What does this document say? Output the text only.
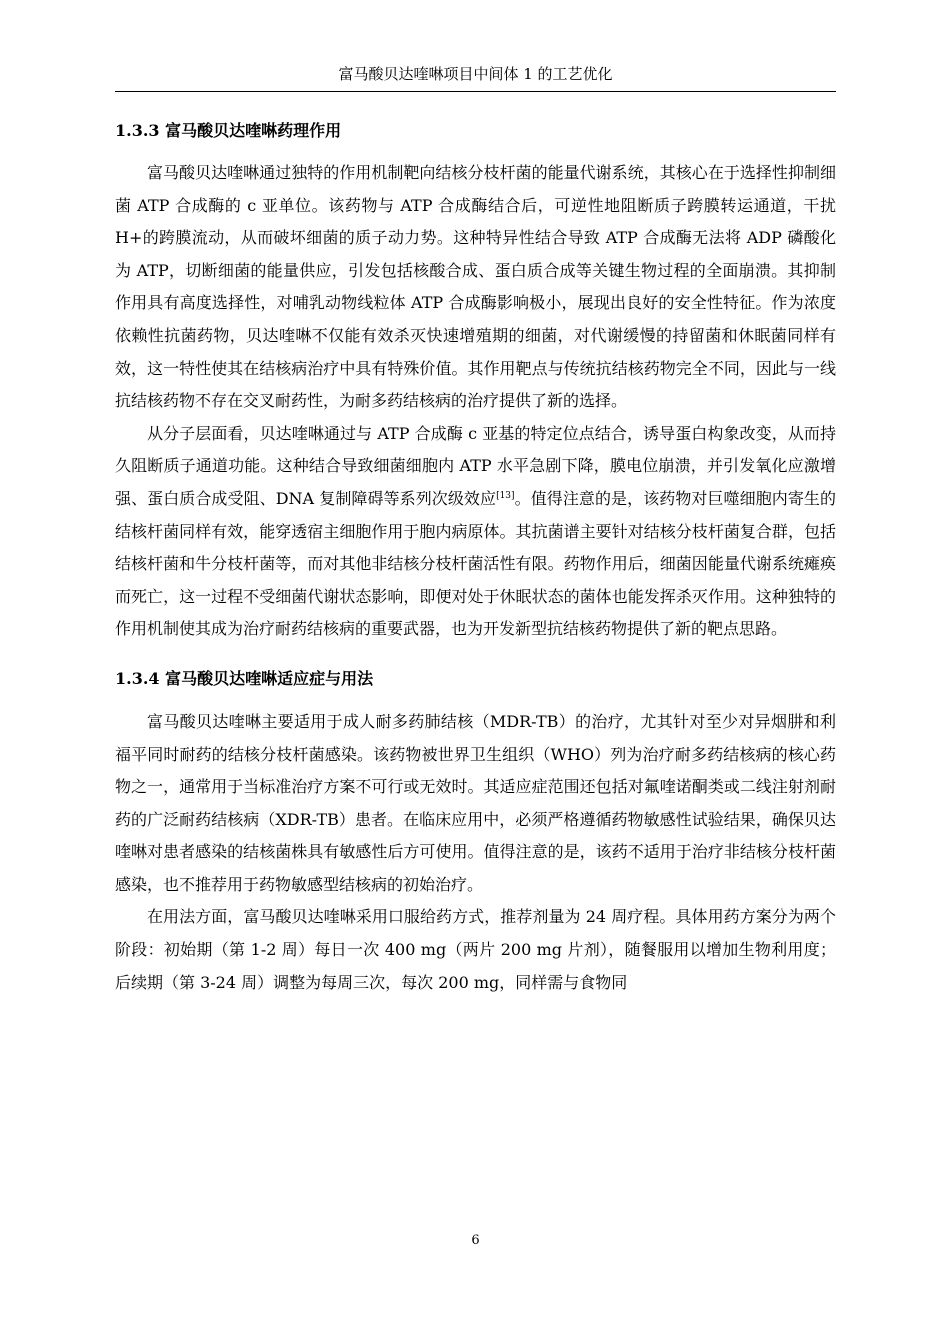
富马酸贝达喹啉项目中间体 1 的工艺优化
1.3.3 富马酸贝达喹啉药理作用

富马酸贝达喹啉通过独特的作用机制靶向结核分枝杆菌的能量代谢系统，其核心在于选择性抑制细菌 ATP 合成酶的 c 亚单位。该药物与 ATP 合成酶结合后，可逆性地阻断质子跨膜转运通道，干扰 H+的跨膜流动，从而破坏细菌的质子动力势。这种特异性结合导致 ATP 合成酶无法将 ADP 磷酸化为 ATP，切断细菌的能量供应，引发包括核酸合成、蛋白质合成等关键生物过程的全面崩溃。其抑制作用具有高度选择性，对哺乳动物线粒体 ATP 合成酶影响极小，展现出良好的安全性特征。作为浓度依赖性抗菌药物，贝达喹啉不仅能有效杀灭快速增殖期的细菌，对代谢缓慢的持留菌和休眠菌同样有效，这一特性使其在结核病治疗中具有特殊价值。其作用靶点与传统抗结核药物完全不同，因此与一线抗结核药物不存在交叉耐药性，为耐多药结核病的治疗提供了新的选择。

从分子层面看，贝达喹啉通过与 ATP 合成酶 c 亚基的特定位点结合，诱导蛋白构象改变，从而持久阻断质子通道功能。这种结合导致细菌细胞内 ATP 水平急剧下降，膜电位崩溃，并引发氧化应激增强、蛋白质合成受阻、DNA 复制障碍等系列次级效应[13]。值得注意的是，该药物对巨噬细胞内寄生的结核杆菌同样有效，能穿透宿主细胞作用于胞内病原体。其抗菌谱主要针对结核分枝杆菌复合群，包括结核杆菌和牛分枝杆菌等，而对其他非结核分枝杆菌活性有限。药物作用后，细菌因能量代谢系统瘫痪而死亡，这一过程不受细菌代谢状态影响，即便对处于休眠状态的菌体也能发挥杀灭作用。这种独特的作用机制使其成为治疗耐药结核病的重要武器，也为开发新型抗结核药物提供了新的靶点思路。

1.3.4 富马酸贝达喹啉适应症与用法

富马酸贝达喹啉主要适用于成人耐多药肺结核（MDR-TB）的治疗，尤其针对至少对异烟肼和利福平同时耐药的结核分枝杆菌感染。该药物被世界卫生组织（WHO）列为治疗耐多药结核病的核心药物之一，通常用于当标准治疗方案不可行或无效时。其适应症范围还包括对氟喹诺酮类或二线注射剂耐药的广泛耐药结核病（XDR-TB）患者。在临床应用中，必须严格遵循药物敏感性试验结果，确保贝达喹啉对患者感染的结核菌株具有敏感性后方可使用。值得注意的是，该药不适用于治疗非结核分枝杆菌感染，也不推荐用于药物敏感型结核病的初始治疗。

在用法方面，富马酸贝达喹啉采用口服给药方式，推荐剂量为 24 周疗程。具体用药方案分为两个阶段：初始期（第 1-2 周）每日一次 400 mg（两片 200 mg 片剂），随餐服用以增加生物利用度；后续期（第 3-24 周）调整为每周三次，每次 200 mg，同样需与食物同

6
